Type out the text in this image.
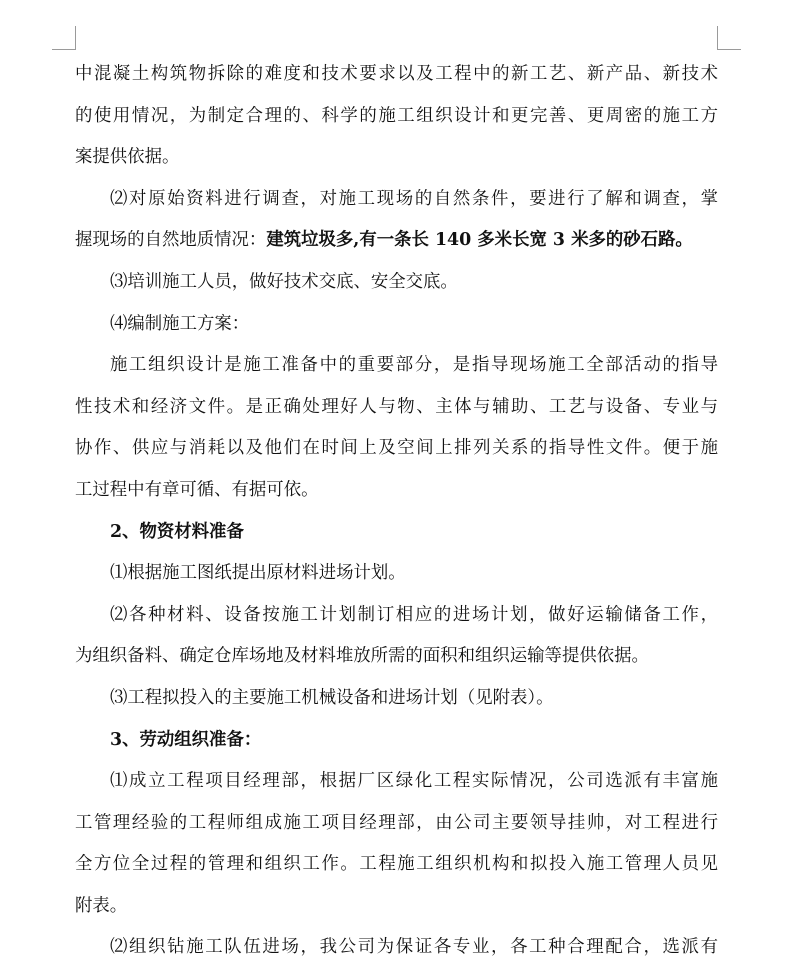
中混凝土构筑物拆除的难度和技术要求以及工程中的新工艺、新产品、新技术
的使用情况，为制定合理的、科学的施工组织设计和更完善、更周密的施工方
案提供依据。
⑵对原始资料进行调查，对施工现场的自然条件，要进行了解和调查，掌
握现场的自然地质情况：建筑垃圾多,有一条长 140 多米长宽 3 米多的砂石路。
⑶培训施工人员，做好技术交底、安全交底。
⑷编制施工方案：
施工组织设计是施工准备中的重要部分，是指导现场施工全部活动的指导
性技术和经济文件。是正确处理好人与物、主体与辅助、工艺与设备、专业与
协作、供应与消耗以及他们在时间上及空间上排列关系的指导性文件。便于施
工过程中有章可循、有据可依。
2、物资材料准备
⑴根据施工图纸提出原材料进场计划。
⑵各种材料、设备按施工计划制订相应的进场计划，做好运输储备工作，
为组织备料、确定仓库场地及材料堆放所需的面积和组织运输等提供依据。
⑶工程拟投入的主要施工机械设备和进场计划（见附表）。
3、劳动组织准备：
⑴成立工程项目经理部，根据厂区绿化工程实际情况，公司选派有丰富施
工管理经验的工程师组成施工项目经理部，由公司主要领导挂帅，对工程进行
全方位全过程的管理和组织工作。工程施工组织机构和拟投入施工管理人员见
附表。
⑵组织钻施工队伍进场，我公司为保证各专业，各工种合理配合，选派有
